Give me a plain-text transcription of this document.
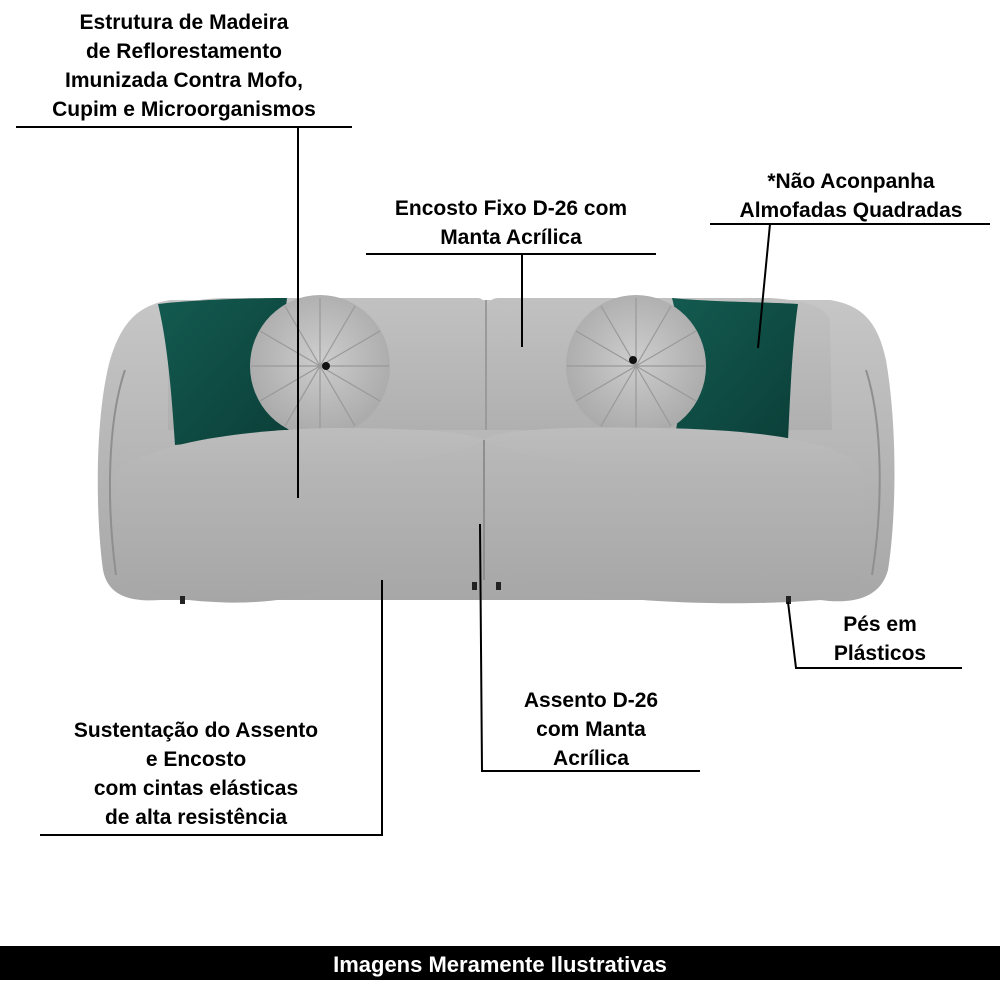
Estrutura de Madeira
de Reflorestamento
Imunizada Contra Mofo,
Cupim e Microorganismos
Encosto Fixo D-26 com
Manta Acrílica
*Não Aconpanha
Almofadas Quadradas
Pés em
Plásticos
Assento D-26
com Manta
Acrílica
Sustentação do Assento
e Encosto
com cintas elásticas
de alta resistência
Imagens Meramente Ilustrativas
